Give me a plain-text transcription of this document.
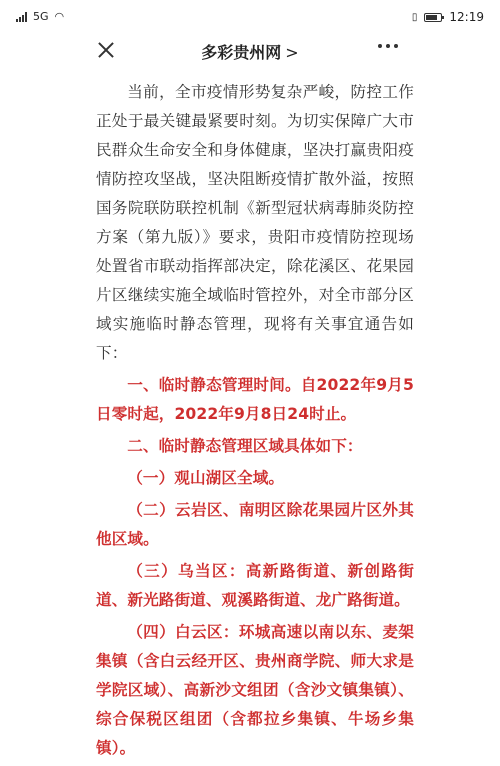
5G ◠	▯	12:19
多彩贵州网 >

当前，全市疫情形势复杂严峻，防控工作正处于最关键最紧要时刻。为切实保障广大市民群众生命安全和身体健康，坚决打赢贵阳疫情防控攻坚战，坚决阻断疫情扩散外溢，按照国务院联防联控机制《新型冠状病毒肺炎防控方案（第九版）》要求，贵阳市疫情防控现场处置省市联动指挥部决定，除花溪区、花果园片区继续实施全域临时管控外，对全市部分区域实施临时静态管理，现将有关事宜通告如下：

一、临时静态管理时间。自2022年9月5日零时起，2022年9月8日24时止。

二、临时静态管理区域具体如下：

（一）观山湖区全域。

（二）云岩区、南明区除花果园片区外其他区域。

（三）乌当区：高新路街道、新创路街道、新光路街道、观溪路街道、龙广路街道。

（四）白云区：环城高速以南以东、麦架集镇（含白云经开区、贵州商学院、师大求是学院区域）、高新沙文组团（含沙文镇集镇）、综合保税区组团（含都拉乡集镇、牛场乡集镇）。
